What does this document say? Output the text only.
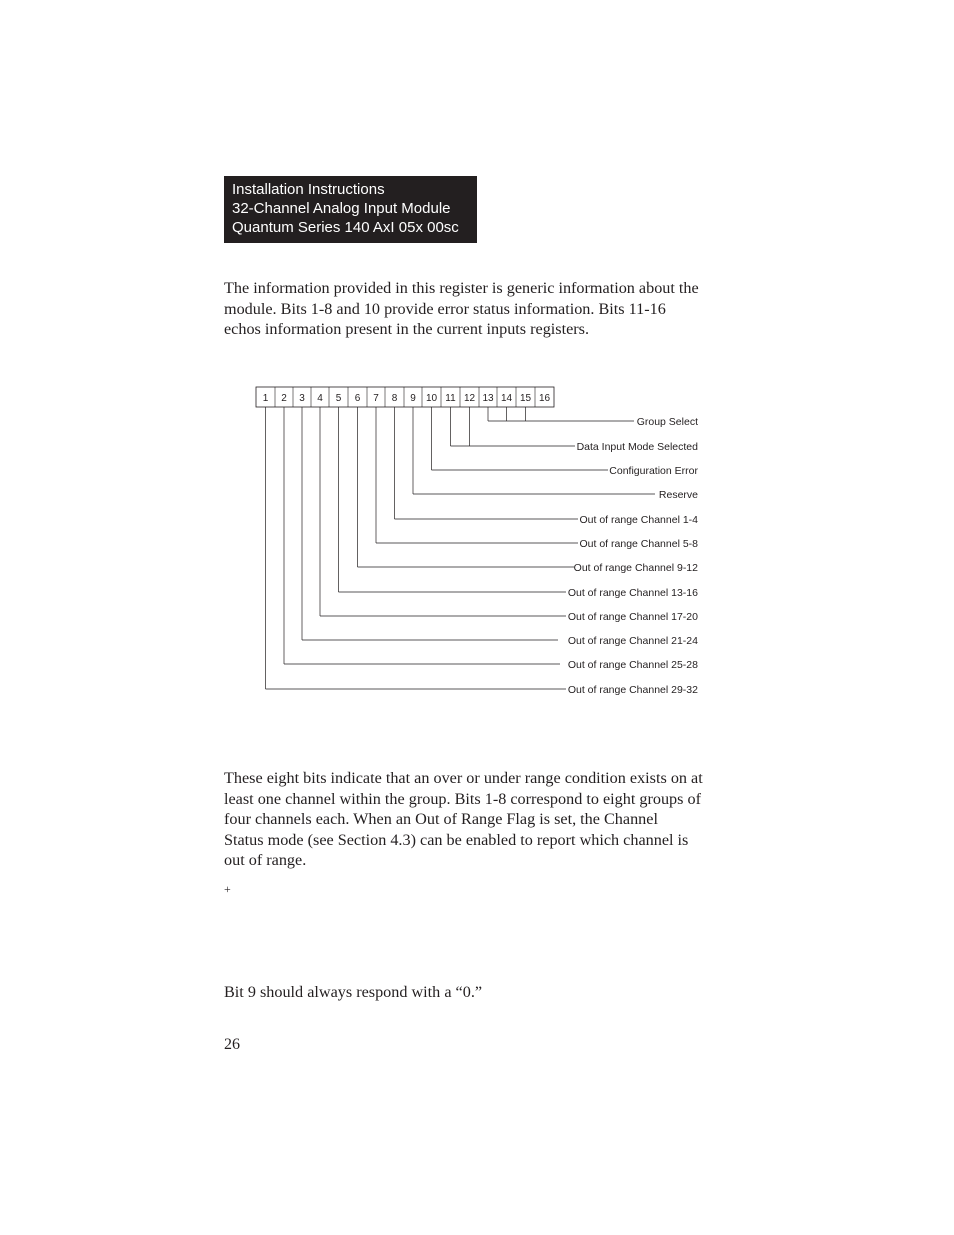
Installation Instructions
32-Channel Analog Input Module
Quantum Series 140 AxI 05x 00sc
The information provided in this register is generic information about the
module. Bits 1-8 and 10 provide error status information. Bits 11-16
echos information present in the current inputs registers.
1 2 3 4 5 6 7 8 9 10 11 12 13 14 15 16
Group Select
Data Input Mode Selected
Configuration Error
Reserve
Out of range Channel 1-4
Out of range Channel 5-8
Out of range Channel 9-12
Out of range Channel 13-16
Out of range Channel 17-20
Out of range Channel 21-24
Out of range Channel 25-28
Out of range Channel 29-32
These eight bits indicate that an over or under range condition exists on at
least one channel within the group. Bits 1-8 correspond to eight groups of
four channels each. When an Out of Range Flag is set, the Channel
Status mode (see Section 4.3) can be enabled to report which channel is
out of range.
+
Bit 9 should always respond with a “0.”
26
